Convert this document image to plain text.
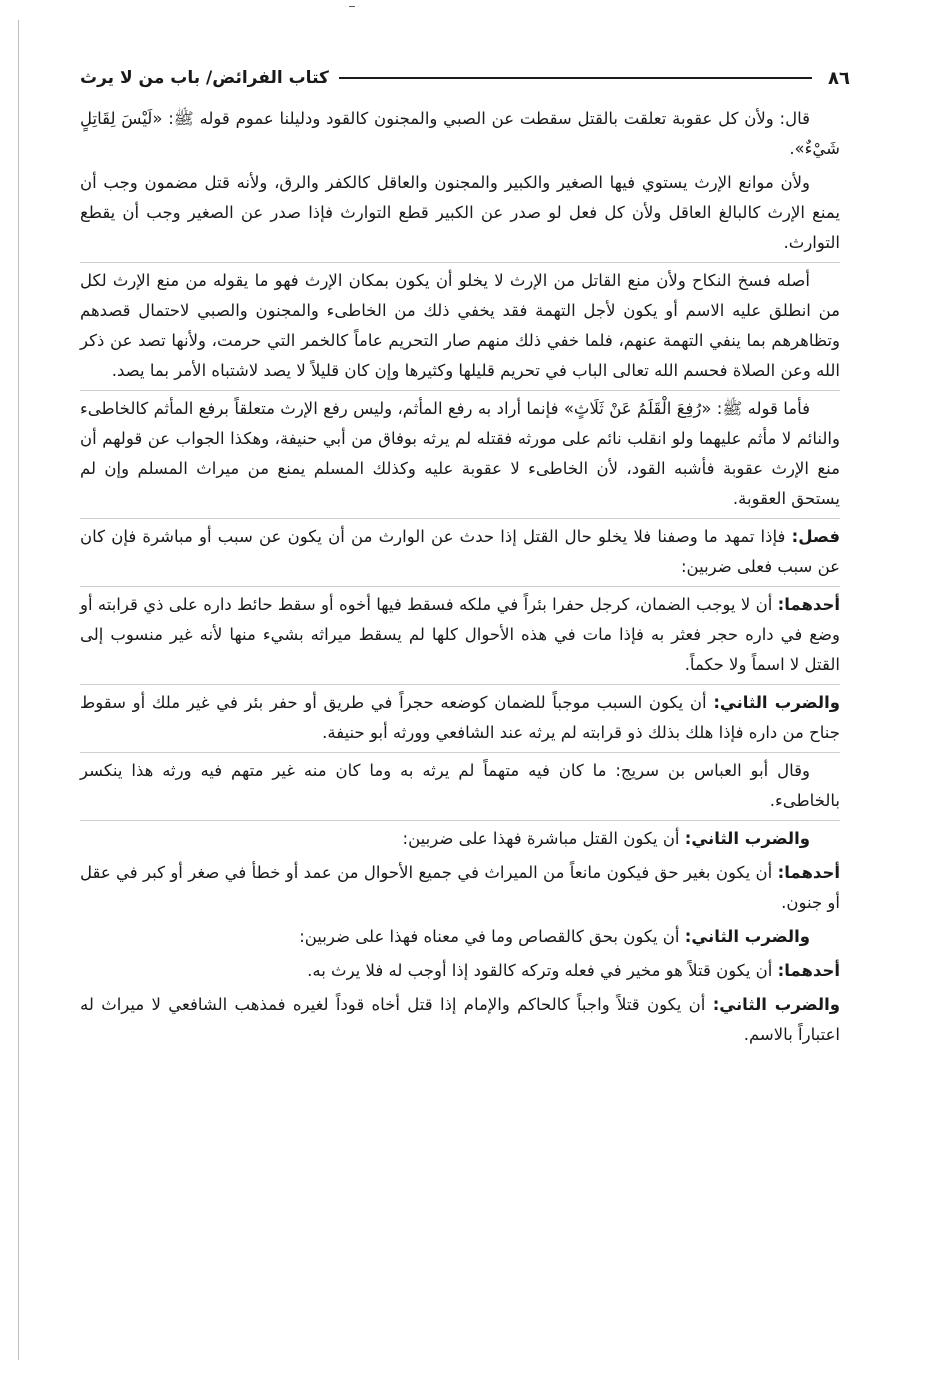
٨٦
كتاب الفرائض/ باب من لا يرث

قال: ولأن كل عقوبة تعلقت بالقتل سقطت عن الصبي والمجنون كالقود ودليلنا عموم قوله ﷺ: «لَيْسَ لِقَاتِلٍ شَيْءٌ».

ولأن موانع الإرث يستوي فيها الصغير والكبير والمجنون والعاقل كالكفر والرق، ولأنه قتل مضمون وجب أن يمنع الإرث كالبالغ العاقل ولأن كل فعل لو صدر عن الكبير قطع التوارث فإذا صدر عن الصغير وجب أن يقطع التوارث.

أصله فسخ النكاح ولأن منع القاتل من الإرث لا يخلو أن يكون بمكان الإرث فهو ما يقوله من منع الإرث لكل من انطلق عليه الاسم أو يكون لأجل التهمة فقد يخفي ذلك من الخاطىء والمجنون والصبي لاحتمال قصدهم وتظاهرهم بما ينفي التهمة عنهم، فلما خفي ذلك منهم صار التحريم عاماً كالخمر التي حرمت، ولأنها تصد عن ذكر الله وعن الصلاة فحسم الله تعالى الباب في تحريم قليلها وكثيرها وإن كان قليلاً لا يصد لاشتباه الأمر بما يصد.

فأما قوله ﷺ: «رُفِعَ الْقَلَمُ عَنْ ثَلَاثٍ» فإنما أراد به رفع المأثم، وليس رفع الإرث متعلقاً برفع المأثم كالخاطىء والنائم لا مأثم عليهما ولو انقلب نائم على مورثه فقتله لم يرثه بوفاق من أبي حنيفة، وهكذا الجواب عن قولهم أن منع الإرث عقوبة فأشبه القود، لأن الخاطىء لا عقوبة عليه وكذلك المسلم يمنع من ميراث المسلم وإن لم يستحق العقوبة.

فصل: فإذا تمهد ما وصفنا فلا يخلو حال القتل إذا حدث عن الوارث من أن يكون عن سبب أو مباشرة فإن كان عن سبب فعلى ضربين:

أحدهما: أن لا يوجب الضمان، كرجل حفرا بئراً في ملكه فسقط فيها أخوه أو سقط حائط داره على ذي قرابته أو وضع في داره حجر فعثر به فإذا مات في هذه الأحوال كلها لم يسقط ميراثه بشيء منها لأنه غير منسوب إلى القتل لا اسماً ولا حكماً.

والضرب الثاني: أن يكون السبب موجباً للضمان كوضعه حجراً في طريق أو حفر بئر في غير ملك أو سقوط جناح من داره فإذا هلك بذلك ذو قرابته لم يرثه عند الشافعي وورثه أبو حنيفة.

وقال أبو العباس بن سريج: ما كان فيه متهماً لم يرثه به وما كان منه غير متهم فيه ورثه هذا ينكسر بالخاطىء.

والضرب الثاني: أن يكون القتل مباشرة فهذا على ضربين:

أحدهما: أن يكون بغير حق فيكون مانعاً من الميراث في جميع الأحوال من عمد أو خطأ في صغر أو كبر في عقل أو جنون.

والضرب الثاني: أن يكون بحق كالقصاص وما في معناه فهذا على ضربين:

أحدهما: أن يكون قتلاً هو مخير في فعله وتركه كالقود إذا أوجب له فلا يرث به.

والضرب الثاني: أن يكون قتلاً واجباً كالحاكم والإمام إذا قتل أخاه قوداً لغيره فمذهب الشافعي لا ميراث له اعتباراً بالاسم.
